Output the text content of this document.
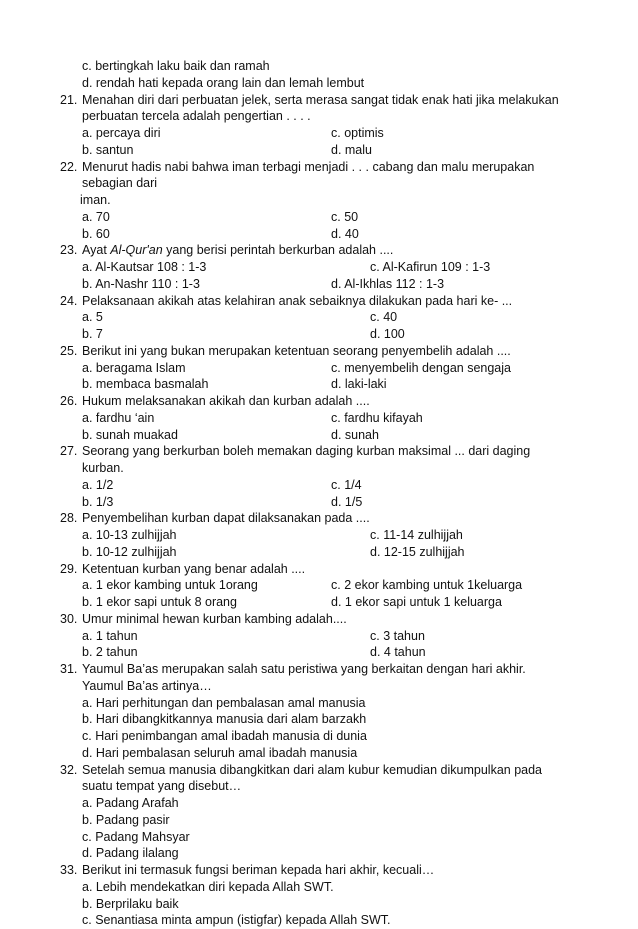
c. bertingkah laku baik dan ramah
d. rendah hati kepada orang lain dan lemah lembut
21. Menahan diri dari perbuatan jelek, serta merasa sangat tidak enak hati jika melakukan
perbuatan tercela adalah pengertian . . . .
a. percaya diri	c. optimis
b. santun	d. malu
22. Menurut hadis nabi bahwa iman terbagi menjadi . . . cabang dan malu merupakan
sebagian dari
iman.
a. 70	c. 50
b. 60	d. 40
23. Ayat Al-Qur'an yang berisi perintah berkurban adalah ....
a. Al-Kautsar 108 : 1-3	c. Al-Kafirun 109 : 1-3
b. An-Nashr 110 : 1-3	d. Al-Ikhlas 112 : 1-3
24. Pelaksanaan akikah atas kelahiran anak sebaiknya dilakukan pada hari ke- ...
a. 5	c. 40
b. 7	d. 100
25. Berikut ini yang bukan merupakan ketentuan seorang penyembelih adalah ....
a. beragama Islam	c. menyembelih dengan sengaja
b. membaca basmalah	d. laki-laki
26. Hukum melaksanakan akikah dan kurban adalah ....
a. fardhu ‘ain	c. fardhu kifayah
b. sunah muakad	d. sunah
27. Seorang yang berkurban boleh memakan daging kurban maksimal ... dari daging
kurban.
a. 1/2	c. 1/4
b. 1/3	d. 1/5
28. Penyembelihan kurban dapat dilaksanakan pada ....
a. 10-13 zulhijjah	c. 11-14 zulhijjah
b. 10-12 zulhijjah	d. 12-15 zulhijjah
29. Ketentuan kurban yang benar adalah ....
a. 1 ekor kambing untuk 1orang	c. 2 ekor kambing untuk 1keluarga
b. 1 ekor sapi untuk 8 orang	d. 1 ekor sapi untuk 1 keluarga
30. Umur minimal hewan kurban kambing adalah....
a. 1 tahun	c. 3 tahun
b. 2 tahun	d. 4 tahun
31. Yaumul Ba’as merupakan salah satu peristiwa yang berkaitan dengan hari akhir.
Yaumul Ba’as artinya…
a. Hari perhitungan dan pembalasan amal manusia
b. Hari dibangkitkannya manusia dari alam barzakh
c. Hari penimbangan amal ibadah manusia di dunia
d. Hari pembalasan seluruh amal ibadah manusia
32. Setelah semua manusia dibangkitkan dari alam kubur kemudian dikumpulkan pada
suatu tempat yang disebut…
a. Padang Arafah
b. Padang pasir
c. Padang Mahsyar
d. Padang ilalang
33. Berikut ini termasuk fungsi beriman kepada hari akhir, kecuali…
a. Lebih mendekatkan diri kepada Allah SWT.
b. Berprilaku baik
c. Senantiasa minta ampun (istigfar) kepada Allah SWT.
